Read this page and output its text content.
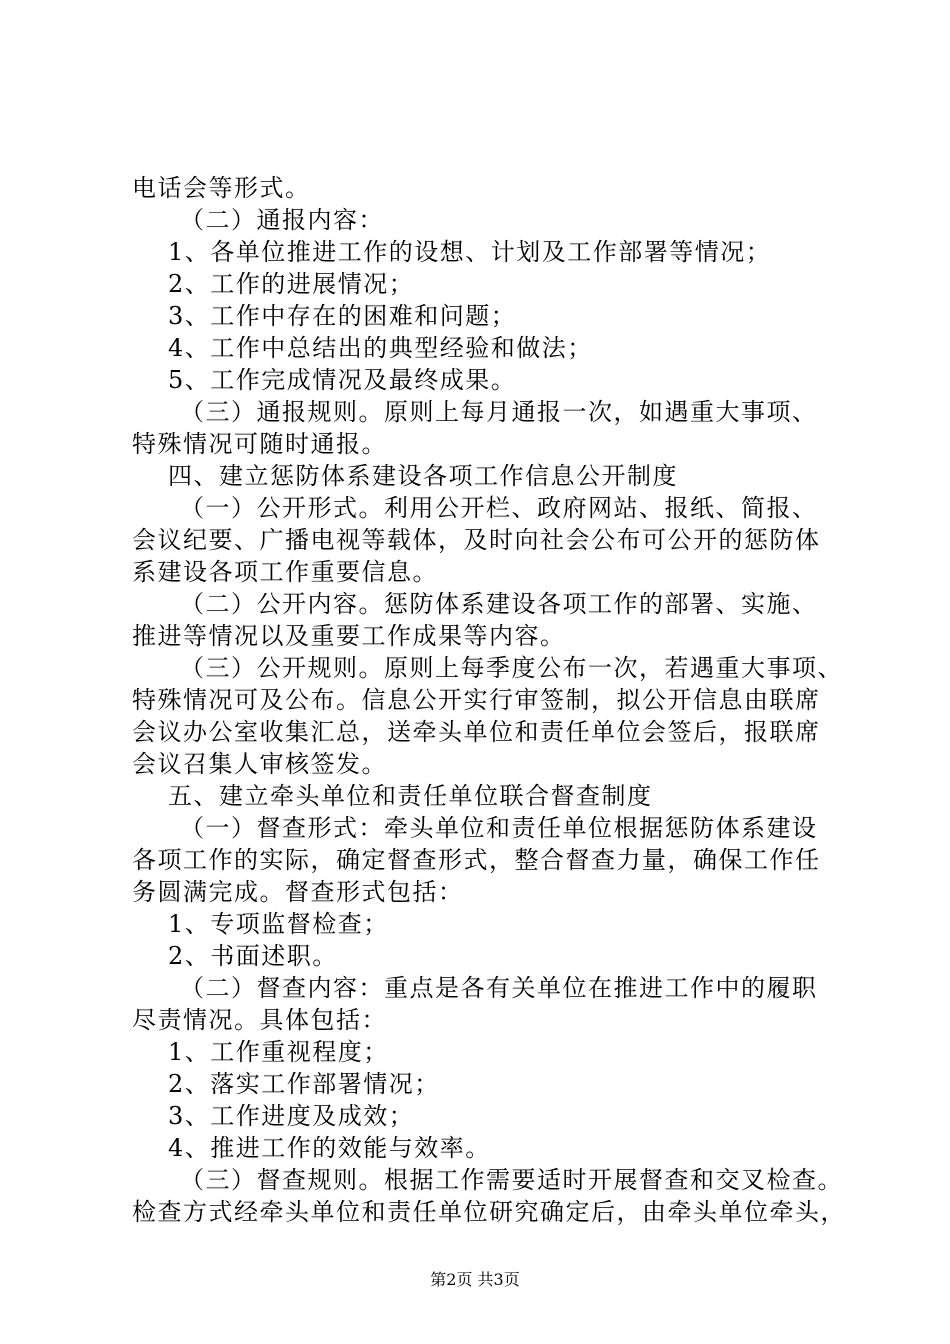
电话会等形式。
（二）通报内容：
1、各单位推进工作的设想、计划及工作部署等情况；
2、工作的进展情况；
3、工作中存在的困难和问题；
4、工作中总结出的典型经验和做法；
5、工作完成情况及最终成果。
（三）通报规则。原则上每月通报一次，如遇重大事项、
特殊情况可随时通报。
四、建立惩防体系建设各项工作信息公开制度
（一）公开形式。利用公开栏、政府网站、报纸、简报、
会议纪要、广播电视等载体，及时向社会公布可公开的惩防体
系建设各项工作重要信息。
（二）公开内容。惩防体系建设各项工作的部署、实施、
推进等情况以及重要工作成果等内容。
（三）公开规则。原则上每季度公布一次，若遇重大事项、
特殊情况可及公布。信息公开实行审签制，拟公开信息由联席
会议办公室收集汇总，送牵头单位和责任单位会签后，报联席
会议召集人审核签发。
五、建立牵头单位和责任单位联合督查制度
（一）督查形式：牵头单位和责任单位根据惩防体系建设
各项工作的实际，确定督查形式，整合督查力量，确保工作任
务圆满完成。督查形式包括：
1、专项监督检查；
2、书面述职。
（二）督查内容：重点是各有关单位在推进工作中的履职
尽责情况。具体包括：
1、工作重视程度；
2、落实工作部署情况；
3、工作进度及成效；
4、推进工作的效能与效率。
（三）督查规则。根据工作需要适时开展督查和交叉检查。
检查方式经牵头单位和责任单位研究确定后，由牵头单位牵头，
第2页 共3页
